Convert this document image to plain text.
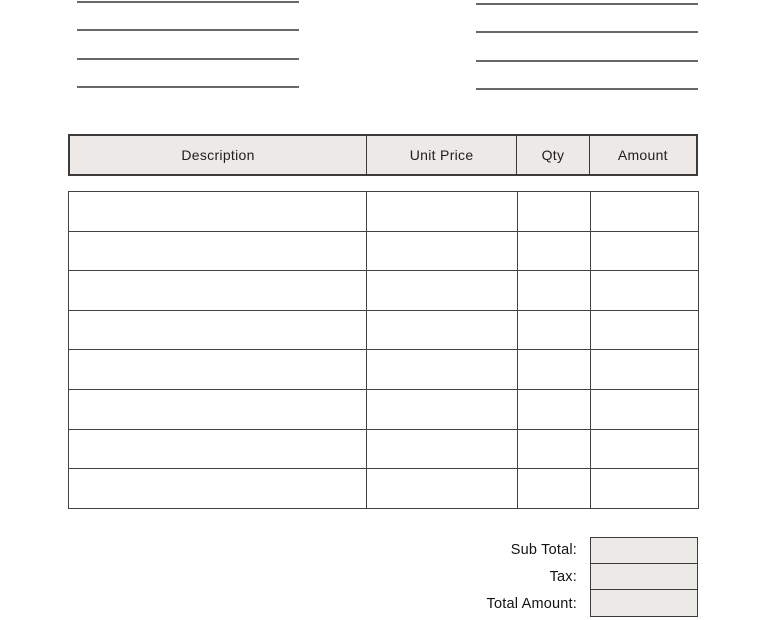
Description	Unit Price	Qty	Amount

Sub Total:
Tax:
Total Amount:
